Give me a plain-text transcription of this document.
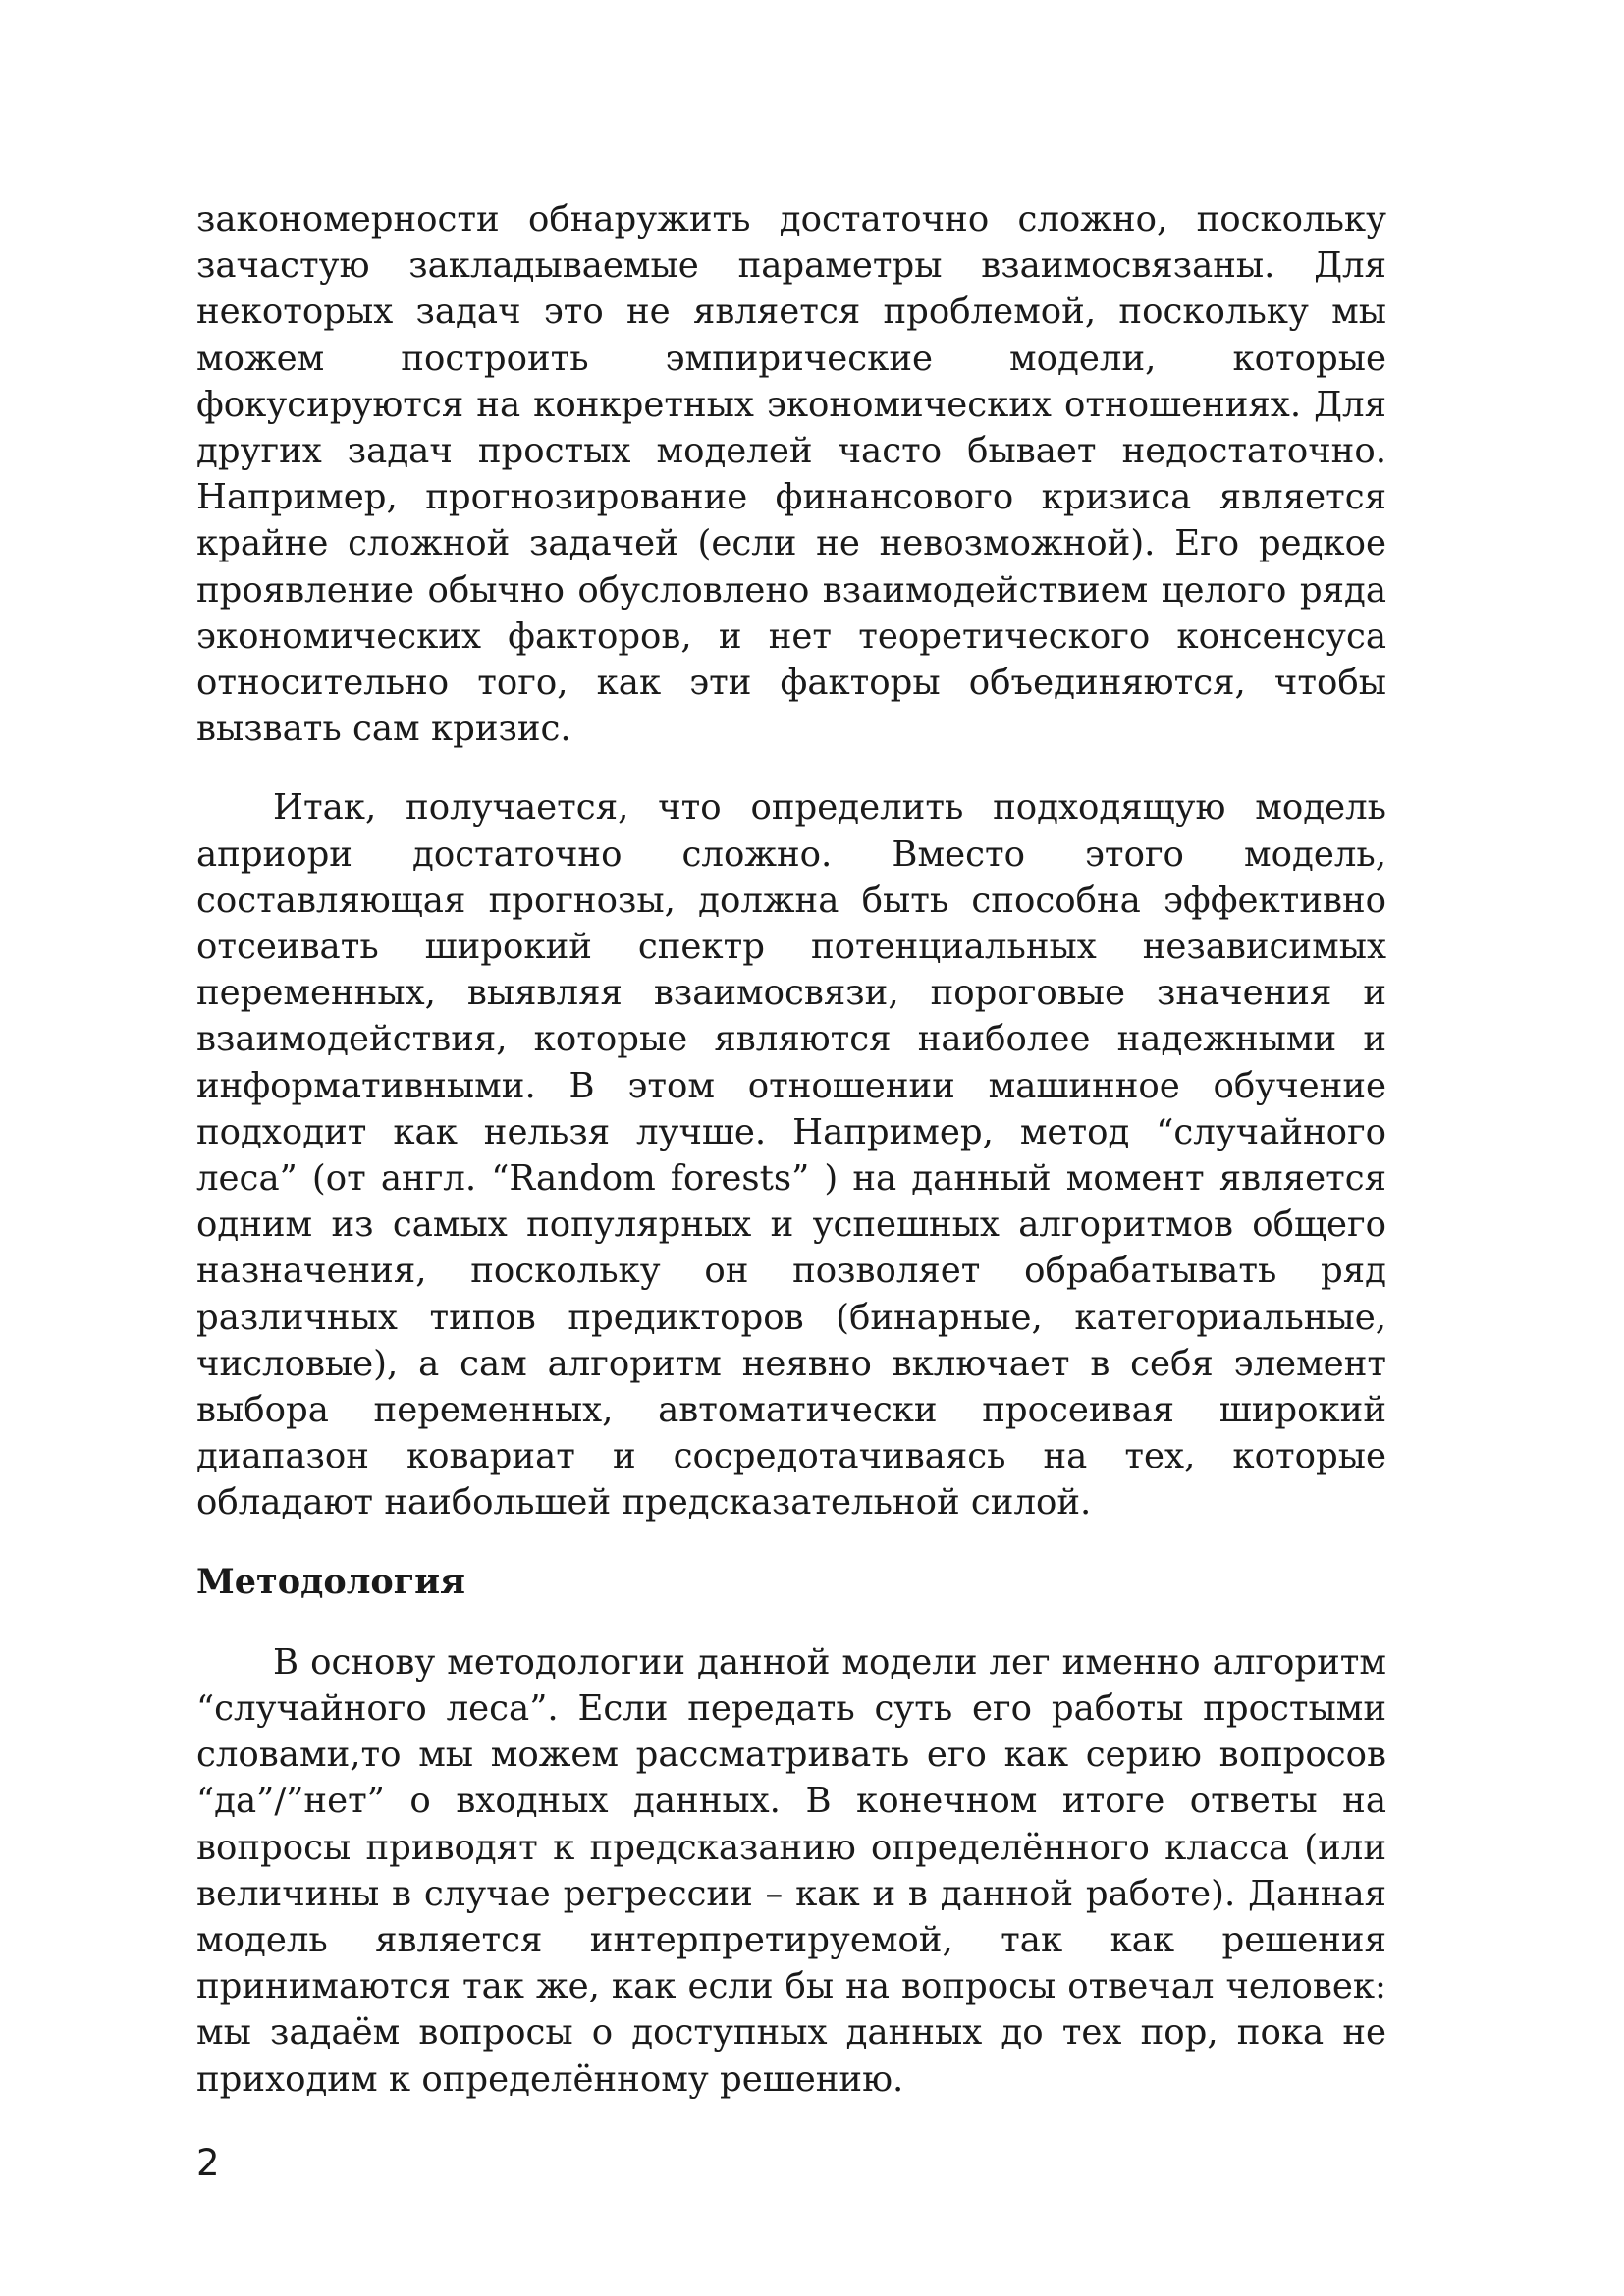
закономерности обнаружить достаточно сложно, поскольку зачастую закладываемые параметры взаимосвязаны. Для некоторых задач это не является проблемой, поскольку мы можем построить эмпирические модели, которые фокусируются на конкретных экономических отношениях. Для других задач простых моделей часто бывает недостаточно. Например, прогнозирование финансового кризиса является крайне сложной задачей (если не невозможной). Его редкое проявление обычно обусловлено взаимодействием целого ряда экономических факторов, и нет теоретического консенсуса относительно того, как эти факторы объединяются, чтобы вызвать сам кризис.

Итак, получается, что определить подходящую модель априори достаточно сложно. Вместо этого модель, составляющая прогнозы, должна быть способна эффективно отсеивать широкий спектр потенциальных независимых переменных, выявляя взаимосвязи, пороговые значения и взаимодействия, которые являются наиболее надежными и информативными. В этом отношении машинное обучение подходит как нельзя лучше. Например, метод “случайного леса” (от англ. “Random forests” ) на данный момент является одним из самых популярных и успешных алгоритмов общего назначения, поскольку он позволяет обрабатывать ряд различных типов предикторов (бинарные, категориальные, числовые), а сам алгоритм неявно включает в себя элемент выбора переменных, автоматически просеивая широкий диапазон ковариат и сосредотачиваясь на тех, которые обладают наибольшей предсказательной силой.

Методология

В основу методологии данной модели лег именно алгоритм “случайного леса”. Если передать суть его работы простыми словами,то мы можем рассматривать его как серию вопросов “да”/”нет” о входных данных. В конечном итоге ответы на вопросы приводят к предсказанию определённого класса (или величины в случае регрессии – как и в данной работе). Данная модель является интерпретируемой, так как решения принимаются так же, как если бы на вопросы отвечал человек: мы задаём вопросы о доступных данных до тех пор, пока не приходим к определённому решению.

2
